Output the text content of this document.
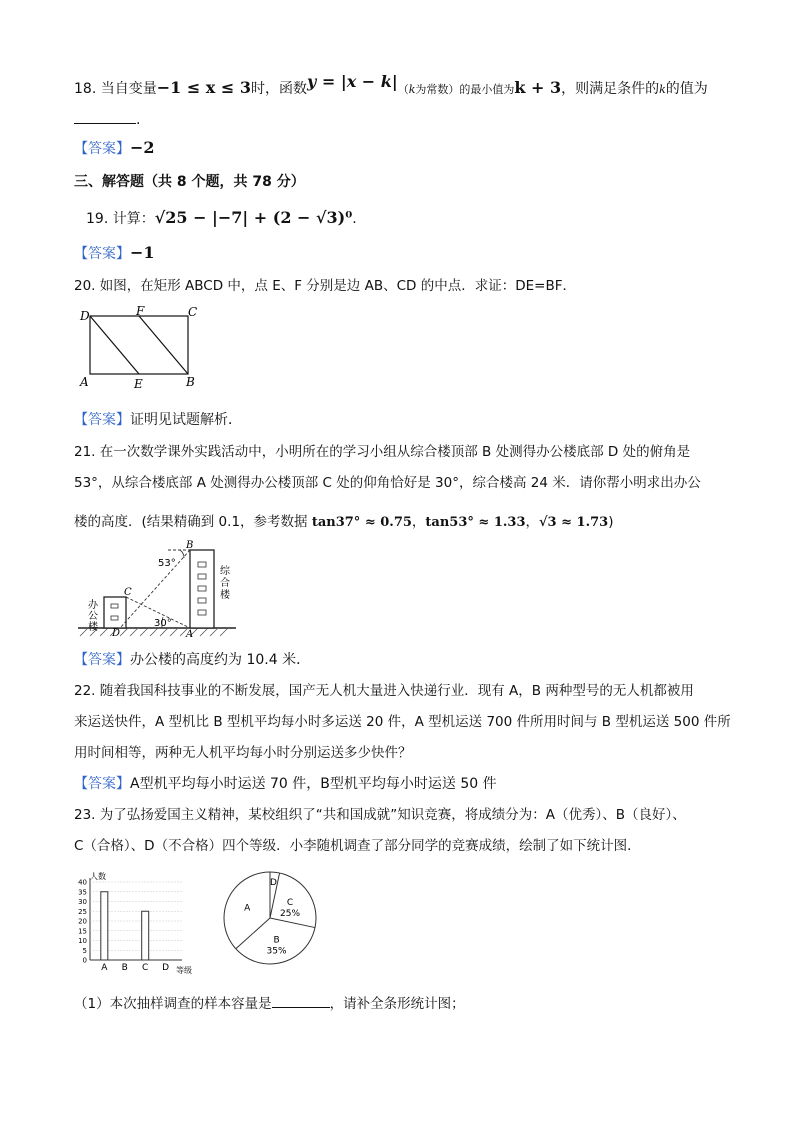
18. 当自变量−1 ≤ x ≤ 3时，函数y = |x − k|（k为常数）的最小值为k + 3，则满足条件的k的值为
.
【答案】−2
三、解答题（共 8 个题，共 78 分）
19. 计算：√25 − |−7| + (2 − √3)⁰.
【答案】−1
20. 如图，在矩形 ABCD 中，点 E、F 分别是边 AB、CD 的中点．求证：DE=BF．
D	F	C
A	E	B
【答案】证明见试题解析．
21. 在一次数学课外实践活动中，小明所在的学习小组从综合楼顶部 B 处测得办公楼底部 D 处的俯角是
53°，从综合楼底部 A 处测得办公楼顶部 C 处的仰角恰好是 30°，综合楼高 24 米．请你帮小明求出办公
楼的高度．(结果精确到 0.1，参考数据 tan37° ≈ 0.75，tan53° ≈ 1.33，√3 ≈ 1.73)
B
C
D	A
53°
30°
办
公
楼
综
合
楼
【答案】办公楼的高度约为 10.4 米．
22. 随着我国科技事业的不断发展，国产无人机大量进入快递行业．现有 A，B 两种型号的无人机都被用
来运送快件，A 型机比 B 型机平均每小时多运送 20 件，A 型机运送 700 件所用时间与 B 型机运送 500 件所
用时间相等，两种无人机平均每小时分别运送多少快件？
【答案】A型机平均每小时运送 70 件，B型机平均每小时运送 50 件
23. 为了弘扬爱国主义精神，某校组织了“共和国成就”知识竞赛，将成绩分为：A（优秀）、B（良好）、
C（合格）、D（不合格）四个等级．小李随机调查了部分同学的竞赛成绩，绘制了如下统计图．
人数
等级
0
5
10
15
20
25
30
35
40
A B C D
A
B
35%
C
25%
D
（1）本次抽样调查的样本容量是	，请补全条形统计图；
